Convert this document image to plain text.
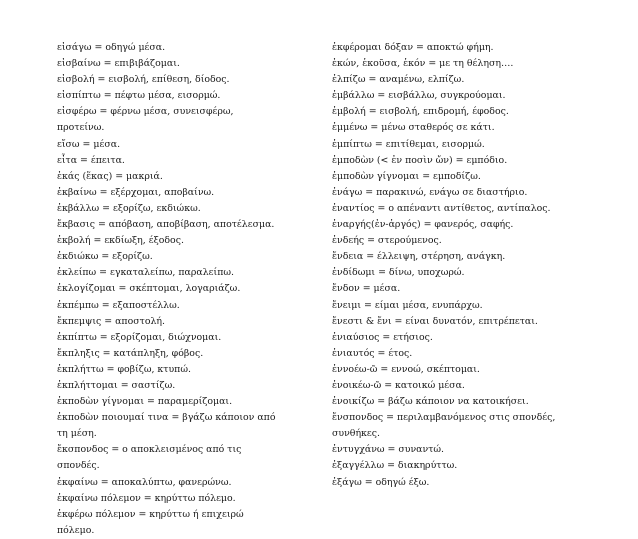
εἰσάγω = οδηγώ μέσα.
εἰσβαίνω = επιβιβάζομαι.
εἰσβολή = εισβολή, επίθεση, δίοδος.
εἰσπίπτω = πέφτω μέσα, εισορμώ.
εἰσφέρω = φέρνω μέσα, συνεισφέρω, προτείνω.
εἴσω = μέσα.
εἶτα = έπειτα.
ἑκάς (ἕκας) = μακριά.
ἐκβαίνω = εξέρχομαι, αποβαίνω.
ἐκβάλλω = εξορίζω, εκδιώκω.
ἔκβασις = απόβαση, αποβίβαση, αποτέλεσμα.
ἐκβολή = εκδίωξη, έξοδος.
ἐκδιώκω = εξορίζω.
ἐκλείπω = εγκαταλείπω, παραλείπω.
ἐκλογίζομαι = σκέπτομαι, λογαριάζω.
ἐκπέμπω = εξαποστέλλω.
ἔκπεμψις = αποστολή.
ἐκπίπτω = εξορίζομαι, διώχνομαι.
ἔκπληξις = κατάπληξη, φόβος.
ἐκπλήττω = φοβίζω, κτυπώ.
ἐκπλήττομαι = σαστίζω.
ἐκποδὼν γίγνομαι = παραμερίζομαι.
ἐκποδὼν ποιουμαί τινα = βγάζω κάποιον από τη μέση.
ἔκσπονδος = ο αποκλεισμένος από τις σπονδές.
ἐκφαίνω = αποκαλύπτω, φανερώνω.
ἐκφαίνω πόλεμον = κηρύττω πόλεμο.
ἐκφέρω πόλεμον = κηρύττω ή επιχειρώ πόλεμο.
ἐκφέρομαι δόξαν = αποκτώ φήμη.
ἑκών, ἑκοῦσα, ἑκόν = με τη θέληση….
ἐλπίζω = αναμένω, ελπίζω.
ἐμβάλλω = εισβάλλω, συγκρούομαι.
ἐμβολή = εισβολή, επιδρομή, έφοδος.
ἐμμένω = μένω σταθερός σε κάτι.
ἐμπίπτω = επιτίθεμαι, εισορμώ.
ἐμποδὼν (< ἐν ποσὶν ὤν) = εμπόδιο.
ἐμποδὼν γίγνομαι = εμποδίζω.
ἐνάγω = παρακινώ, ενάγω σε διαστήριο.
ἐναντίος = ο απέναντι αντίθετος, αντίπαλος.
ἐναργής(ἐν-ἀργός) = φανερός, σαφής.
ἐνδεής = στερούμενος.
ἔνδεια = έλλειψη, στέρηση, ανάγκη.
ἐνδίδωμι = δίνω, υποχωρώ.
ἔνδον = μέσα.
ἔνειμι = είμαι μέσα, ενυπάρχω.
ἔνεστι & ἔνι = είναι δυνατόν, επιτρέπεται.
ἐνιαύσιος = ετήσιος.
ἐνιαυτός = έτος.
ἐννοέω-ῶ = εννοώ, σκέπτομαι.
ἐνοικέω-ῶ = κατοικώ μέσα.
ἐνοικίζω = βάζω κάποιον να κατοικήσει.
ἔνσπονδος = περιλαμβανόμενος στις σπονδές, συνθήκες.
ἐντυγχάνω = συναντώ.
ἐξαγγέλλω = διακηρύττω.
ἐξάγω = οδηγώ έξω.
